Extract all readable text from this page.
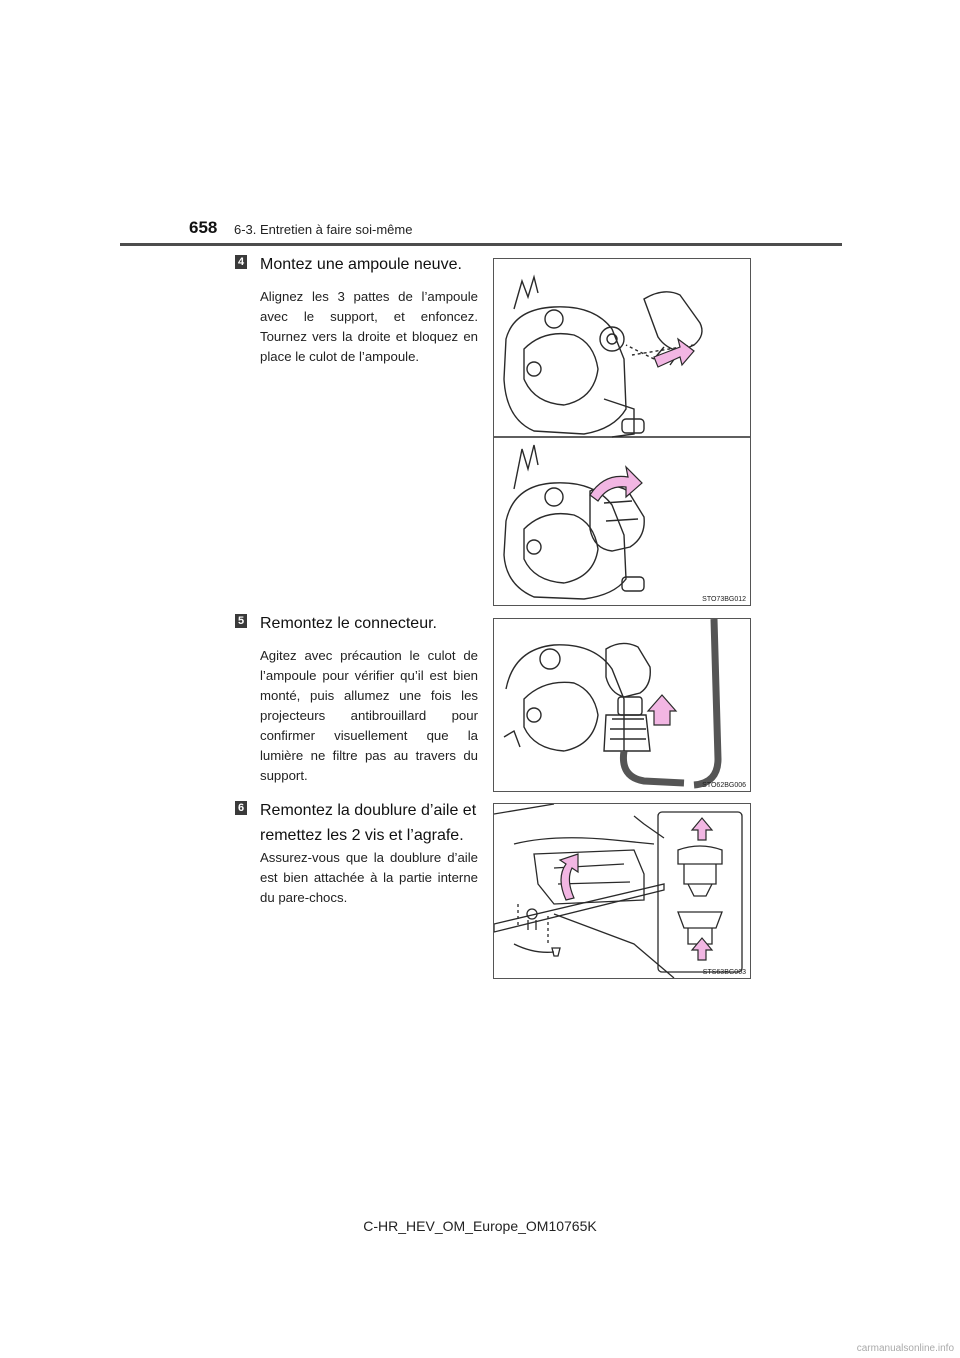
658 6-3. Entretien à faire soi-même
4 Montez une ampoule neuve.
Alignez les 3 pattes de l’ampoule avec le support, et enfoncez. Tournez vers la droite et bloquez en place le culot de l’ampoule.
STO73BG012
5 Remontez le connecteur.
Agitez avec précaution le culot de l’ampoule pour vérifier qu’il est bien monté, puis allumez une fois les projecteurs antibrouillard pour confirmer visuellement que la lumière ne filtre pas au travers du support.
STO62BG006
6 Remontez la doublure d’aile et remettez les 2 vis et l’agrafe.
Assurez-vous que la doublure d’aile est bien attachée à la partie interne du pare-chocs.
STS63BG003
C-HR_HEV_OM_Europe_OM10765K
carmanualsonline.info
